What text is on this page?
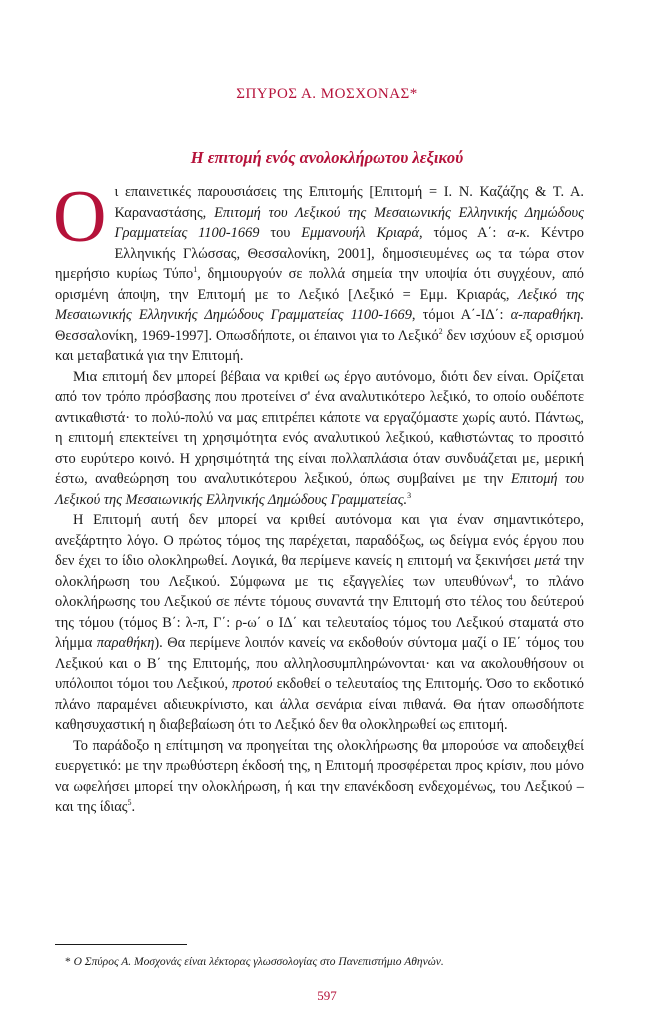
ΣΠΥΡΟΣ Α. ΜΟΣΧΟΝΑΣ*
Η επιτομή ενός ανολοκλήρωτου λεξικού

Οι επαινετικές παρουσιάσεις της Επιτομής [Επιτομή = Ι. Ν. Καζάζης & Τ. Α. Καραναστάσης, Επιτομή του Λεξικού της Μεσαιωνικής Ελληνικής Δημώδους Γραμματείας 1100-1669 του Εμμανουήλ Κριαρά, τόμος Α΄: α-κ. Κέντρο Ελληνικής Γλώσσας, Θεσσαλονίκη, 2001], δημοσιευμένες ως τα τώρα στον ημερήσιο κυρίως Τύπο$^1$, δημιουργούν σε πολλά σημεία την υποψία ότι συγχέουν, από ορισμένη άποψη, την Επιτομή με το Λεξικό [Λεξικό = Εμμ. Κριαράς, Λεξικό της Μεσαιωνικής Ελληνικής Δημώδους Γραμματείας 1100-1669, τόμοι Α΄-ΙΔ΄: α-παραθήκη. Θεσσαλονίκη, 1969-1997]. Οπωσδήποτε, οι έπαινοι για το Λεξικό$^2$ δεν ισχύουν εξ ορισμού και μεταβατικά για την Επιτομή.

Μια επιτομή δεν μπορεί βέβαια να κριθεί ως έργο αυτόνομο, διότι δεν είναι. Ορίζεται από τον τρόπο πρόσβασης που προτείνει σ' ένα αναλυτικότερο λεξικό, το οποίο ουδέποτε αντικαθιστά· το πολύ-πολύ να μας επιτρέπει κάποτε να εργαζόμαστε χωρίς αυτό. Πάντως, η επιτομή επεκτείνει τη χρησιμότητα ενός αναλυτικού λεξικού, καθιστώντας το προσιτό στο ευρύτερο κοινό. Η χρησιμότητά της είναι πολλαπλάσια όταν συνδυάζεται με, μερική έστω, αναθεώρηση του αναλυτικότερου λεξικού, όπως συμβαίνει με την Επιτομή του Λεξικού της Μεσαιωνικής Ελληνικής Δημώδους Γραμματείας.$^3$

Η Επιτομή αυτή δεν μπορεί να κριθεί αυτόνομα και για έναν σημαντικότερο, ανεξάρτητο λόγο. Ο πρώτος τόμος της παρέχεται, παραδόξως, ως δείγμα ενός έργου που δεν έχει το ίδιο ολοκληρωθεί. Λογικά, θα περίμενε κανείς η επιτομή να ξεκινήσει μετά την ολοκλήρωση του Λεξικού. Σύμφωνα με τις εξαγγελίες των υπευθύνων$^4$, το πλάνο ολοκλήρωσης του Λεξικού σε πέντε τόμους συναντά την Επιτομή στο τέλος του δεύτερού της τόμου (τόμος Β΄: λ-π, Γ΄: ρ-ω΄ ο ΙΔ΄ και τελευταίος τόμος του Λεξικού σταματά στο λήμμα παραθήκη). Θα περίμενε λοιπόν κανείς να εκδοθούν σύντομα μαζί ο ΙΕ΄ τόμος του Λεξικού και ο Β΄ της Επιτομής, που αλληλοσυμπληρώνονται· και να ακολουθήσουν οι υπόλοιποι τόμοι του Λεξικού, προτού εκδοθεί ο τελευταίος της Επιτομής. Όσο το εκδοτικό πλάνο παραμένει αδιευκρίνιστο, και άλλα σενάρια είναι πιθανά. Θα ήταν οπωσδήποτε καθησυχαστική η διαβεβαίωση ότι το Λεξικό δεν θα ολοκληρωθεί ως επιτομή.

Το παράδοξο η επίτιμηση να προηγείται της ολοκλήρωσης θα μπορούσε να αποδειχθεί ευεργετικό: με την πρωθύστερη έκδοσή της, η Επιτομή προσφέρεται προς κρίσιν, που μόνο να ωφελήσει μπορεί την ολοκλήρωση, ή και την επανέκδοση ενδεχομένως, του Λεξικού –και της ίδιας$^5$.

* Ο Σπύρος Α. Μοσχονάς είναι λέκτορας γλωσσολογίας στο Πανεπιστήμιο Αθηνών.
597
